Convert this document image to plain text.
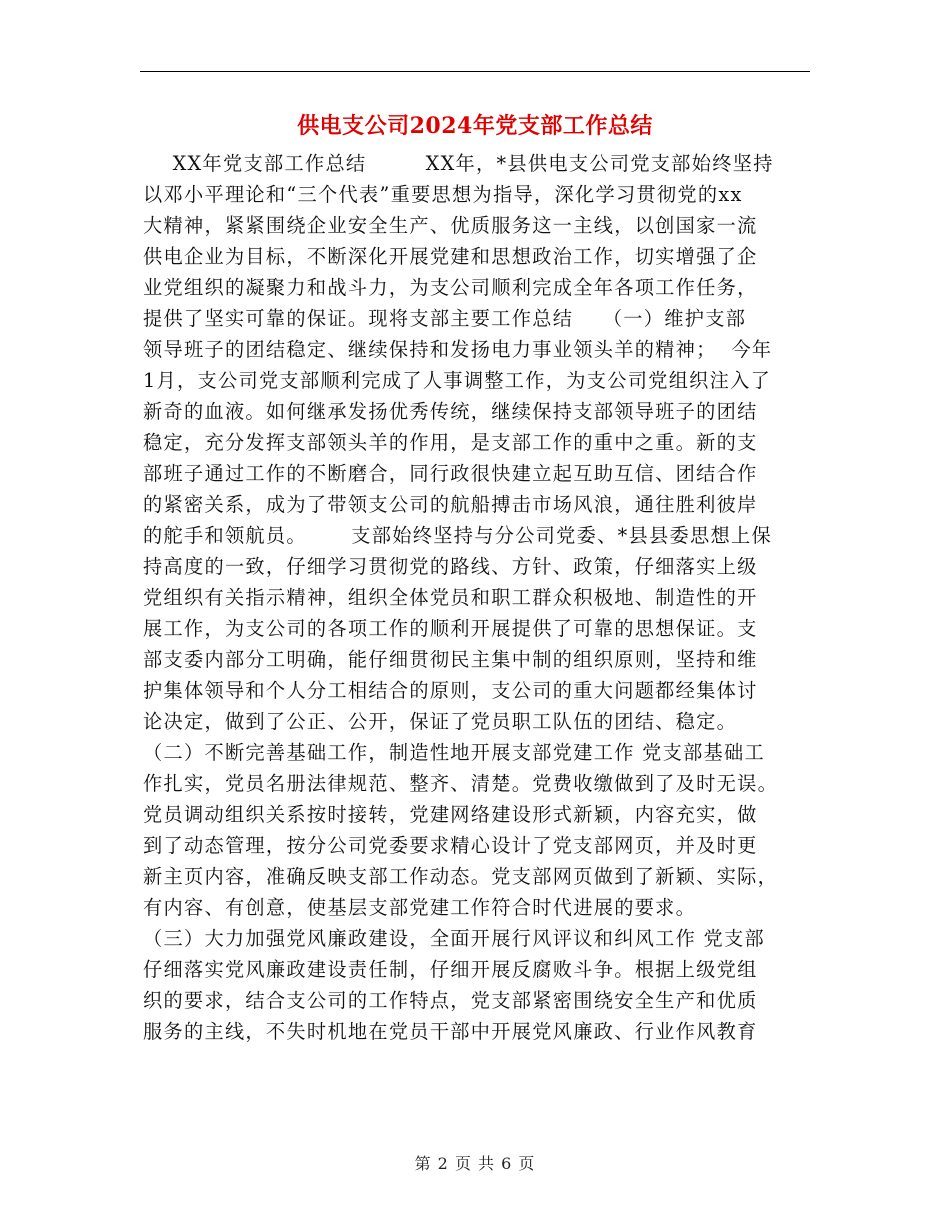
供电支公司2024年党支部工作总结
XX年党支部工作总结        XX年，*县供电支公司党支部始终坚持
以邓小平理论和“三个代表”重要思想为指导，深化学习贯彻党的xx
大精神，紧紧围绕企业安全生产、优质服务这一主线，以创国家一流
供电企业为目标，不断深化开展党建和思想政治工作，切实增强了企
业党组织的凝聚力和战斗力，为支公司顺利完成全年各项工作任务，
提供了坚实可靠的保证。现将支部主要工作总结    （一）维护支部
领导班子的团结稳定、继续保持和发扬电力事业领头羊的精神；  今年
1月，支公司党支部顺利完成了人事调整工作，为支公司党组织注入了
新奇的血液。如何继承发扬优秀传统，继续保持支部领导班子的团结
稳定，充分发挥支部领头羊的作用，是支部工作的重中之重。新的支
部班子通过工作的不断磨合，同行政很快建立起互助互信、团结合作
的紧密关系，成为了带领支公司的航船搏击市场风浪，通往胜利彼岸
的舵手和领航员。      支部始终坚持与分公司党委、*县县委思想上保
持高度的一致，仔细学习贯彻党的路线、方针、政策，仔细落实上级
党组织有关指示精神，组织全体党员和职工群众积极地、制造性的开
展工作，为支公司的各项工作的顺利开展提供了可靠的思想保证。支
部支委内部分工明确，能仔细贯彻民主集中制的组织原则，坚持和维
护集体领导和个人分工相结合的原则，支公司的重大问题都经集体讨
论决定，做到了公正、公开，保证了党员职工队伍的团结、稳定。
（二）不断完善基础工作，制造性地开展支部党建工作 党支部基础工
作扎实，党员名册法律规范、整齐、清楚。党费收缴做到了及时无误。
党员调动组织关系按时接转，党建网络建设形式新颖，内容充实，做
到了动态管理，按分公司党委要求精心设计了党支部网页，并及时更
新主页内容，准确反映支部工作动态。党支部网页做到了新颖、实际，
有内容、有创意，使基层支部党建工作符合时代进展的要求。
（三）大力加强党风廉政建设，全面开展行风评议和纠风工作 党支部
仔细落实党风廉政建设责任制，仔细开展反腐败斗争。根据上级党组
织的要求，结合支公司的工作特点，党支部紧密围绕安全生产和优质
服务的主线，不失时机地在党员干部中开展党风廉政、行业作风教育
第 2 页 共 6 页
